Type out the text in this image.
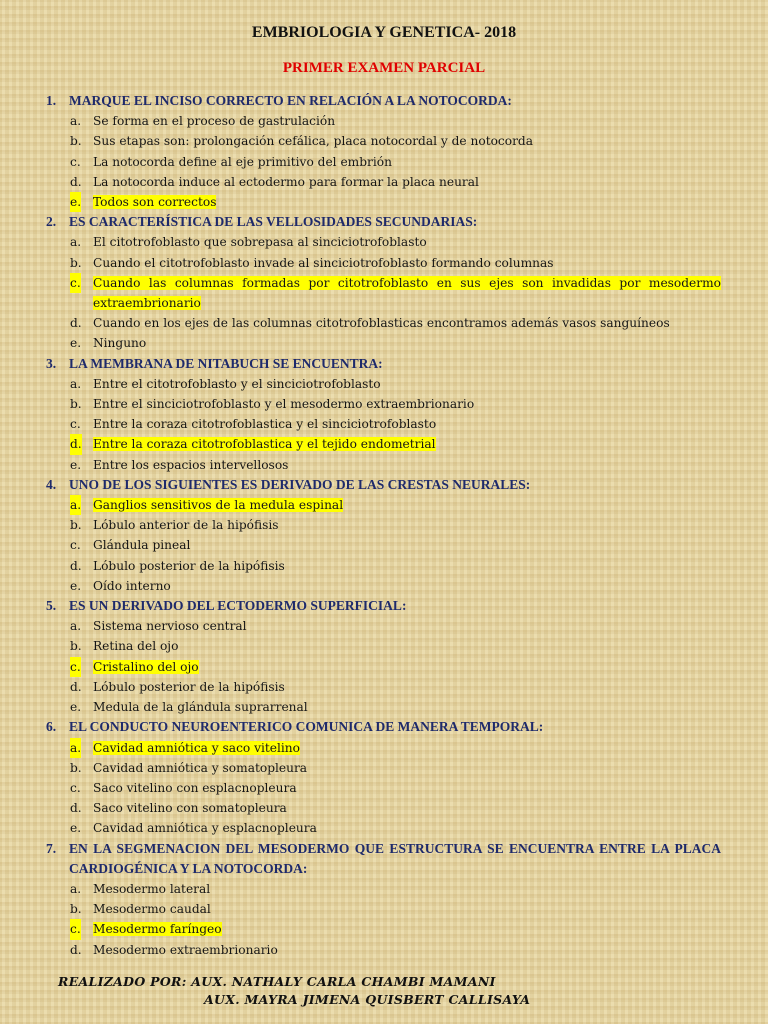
EMBRIOLOGIA Y GENETICA- 2018
PRIMER EXAMEN PARCIAL
1. MARQUE EL INCISO CORRECTO EN RELACIÓN A LA NOTOCORDA:
a. Se forma en el proceso de gastrulación
b. Sus etapas son: prolongación cefálica, placa notocordal y de notocorda
c. La notocorda define al eje primitivo del embrión
d. La notocorda induce al ectodermo para formar la placa neural
e. Todos son correctos
2. ES CARACTERÍSTICA DE LAS VELLOSIDADES SECUNDARIAS:
a. El citotrofoblasto que sobrepasa al sinciciotrofoblasto
b. Cuando el citotrofoblasto invade al sinciciotrofoblasto formando columnas
c. Cuando las columnas formadas por citotrofoblasto en sus ejes son invadidas por mesodermo extraembrionario
d. Cuando en los ejes de las columnas citotrofoblasticas encontramos además vasos sanguíneos
e. Ninguno
3. LA MEMBRANA DE NITABUCH SE ENCUENTRA:
a. Entre el citotrofoblasto y el sinciciotrofoblasto
b. Entre el sinciciotrofoblasto y el mesodermo extraembrionario
c. Entre la coraza citotrofoblastica y el sinciciotrofoblasto
d. Entre la coraza citotrofoblastica y el tejido endometrial
e. Entre los espacios intervellosos
4. UNO DE LOS SIGUIENTES ES DERIVADO DE LAS CRESTAS NEURALES:
a. Ganglios sensitivos de la medula espinal
b. Lóbulo anterior de la hipófisis
c. Glándula pineal
d. Lóbulo posterior de la hipófisis
e. Oído interno
5. ES UN DERIVADO DEL ECTODERMO SUPERFICIAL:
a. Sistema nervioso central
b. Retina del ojo
c. Cristalino del ojo
d. Lóbulo posterior de la hipófisis
e. Medula de la glándula suprarrenal
6. EL CONDUCTO NEUROENTERICO COMUNICA DE MANERA TEMPORAL:
a. Cavidad amniótica y saco vitelino
b. Cavidad amniótica y somatopleura
c. Saco vitelino con esplacnopleura
d. Saco vitelino con somatopleura
e. Cavidad amniótica y esplacnopleura
7. EN LA SEGMENACION DEL MESODERMO QUE ESTRUCTURA SE ENCUENTRA ENTRE LA PLACA CARDIOGÉNICA Y LA NOTOCORDA:
a. Mesodermo lateral
b. Mesodermo caudal
c. Mesodermo faríngeo
d. Mesodermo extraembrionario
REALIZADO POR: AUX. NATHALY CARLA CHAMBI MAMANI
AUX. MAYRA JIMENA QUISBERT CALLISAYA
